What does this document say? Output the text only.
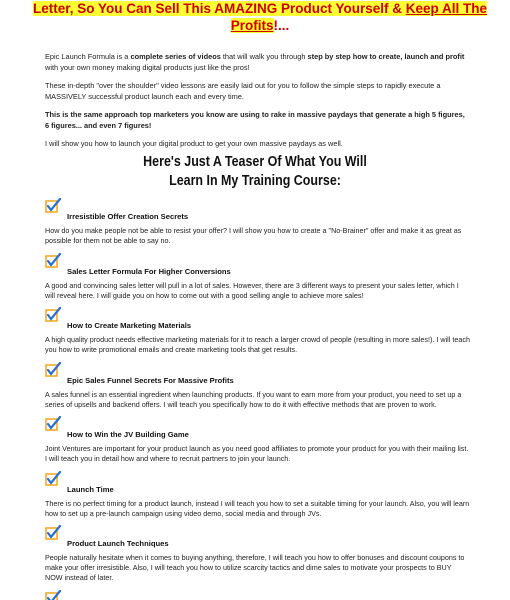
Letter, So You Can Sell This AMAZING Product Yourself & Keep All The Profits!...

Epic Launch Formula is a complete series of videos that will walk you through step by step how to create, launch and profit with your own money making digital products just like the pros!

These in-depth "over the shoulder" video lessons are easily laid out for you to follow the simple steps to rapidly execute a MASSIVELY successful product launch each and every time.

This is the same approach top marketers you know are using to rake in massive paydays that generate a high 5 figures, 6 figures... and even 7 figures!

I will show you how to launch your digital product to get your own massive paydays as well.

Here's Just A Teaser Of What You Will
Learn In My Training Course:
Irresistible Offer Creation Secrets
How do you make people not be able to resist your offer? I will show you how to create a "No-Brainer" offer and make it as great as possible for them not be able to say no.
Sales Letter Formula For Higher Conversions
A good and convincing sales letter will pull in a lot of sales. However, there are 3 different ways to present your sales letter, which I will reveal here. I will guide you on how to come out with a good selling angle to achieve more sales!
How to Create Marketing Materials
A high quality product needs effective marketing materials for it to reach a larger crowd of people (resulting in more sales!). I will teach you how to write promotional emails and create marketing tools that get results.
Epic Sales Funnel Secrets For Massive Profits
A sales funnel is an essential ingredient when launching products. If you want to earn more from your product, you need to set up a series of upsells and backend offers. I will teach you specifically how to do it with effective methods that are proven to work.
How to Win the JV Building Game
Joint Ventures are important for your product launch as you need good affiliates to promote your product for you with their mailing list. I will teach you in detail how and where to recruit partners to join your launch.
Launch Time
There is no perfect timing for a product launch, instead I will teach you how to set a suitable timing for your launch. Also, you will learn how to set up a pre-launch campaign using video demo, social media and through JVs.
Product Launch Techniques
People naturally hesitate when it comes to buying anything, therefore, I will teach you how to offer bonuses and discount coupons to make your offer irresistible. Also, I will teach you how to utilize scarcity tactics and dime sales to motivate your prospects to BUY NOW instead of later.
